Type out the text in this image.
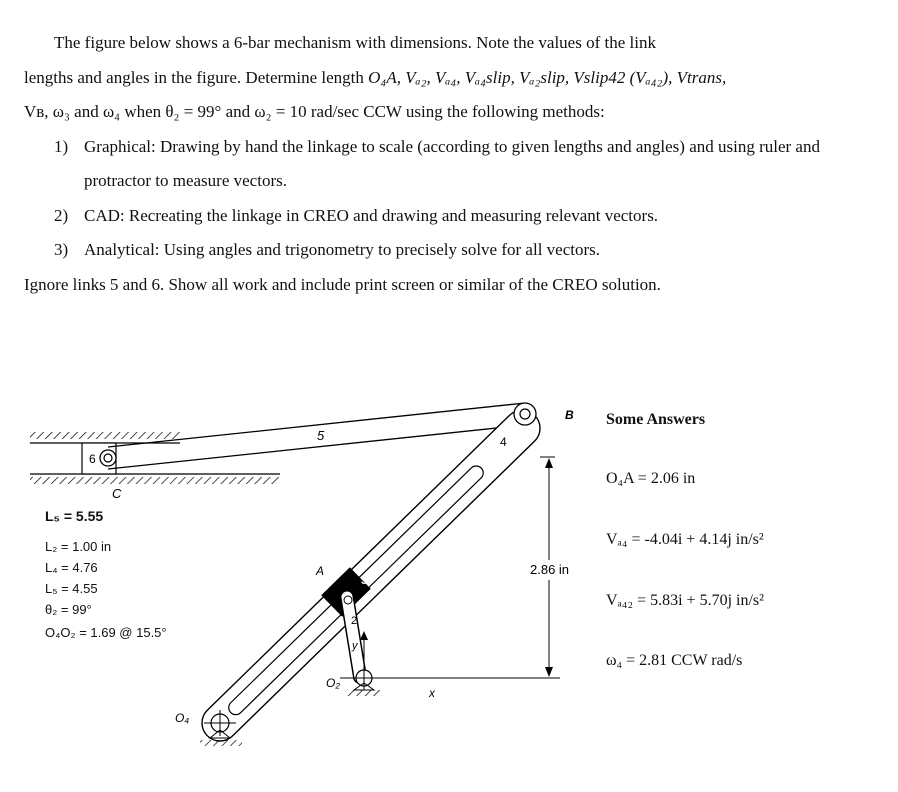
The figure below shows a 6-bar mechanism with dimensions. Note the values of the link

lengths and angles in the figure. Determine length O₄A, Vₐ₂, Vₐ₄, Vₐ₄slip, Vₐ₂slip, Vslip42 (Vₐ₄₂), Vtrans,

Vʙ, ω₃ and ω₄ when θ₂ = 99° and ω₂ = 10 rad/sec CCW using the following methods:

1) Graphical: Drawing by hand the linkage to scale (according to given lengths and angles) and using ruler and protractor to measure vectors.
2) CAD: Recreating the linkage in CREO and drawing and measuring relevant vectors.
3) Analytical: Using angles and trigonometry to precisely solve for all vectors.

Ignore links 5 and 6. Show all work and include print screen or similar of the CREO solution.

C
6
5	4
B
A
3
2
O₂
O₄
x
y
2.86 in
L₅ = 5.55
L₂ = 1.00 in
L₄ = 4.76
L₅ = 4.55
θ₂ = 99°
O₄O₂ = 1.69 @ 15.5°
Some Answers
O₄A = 2.06 in
Vₐ₄ = -4.04i + 4.14j in/s²
Vₐ₄₂ = 5.83i + 5.70j in/s²
ω₄ = 2.81 CCW rad/s
